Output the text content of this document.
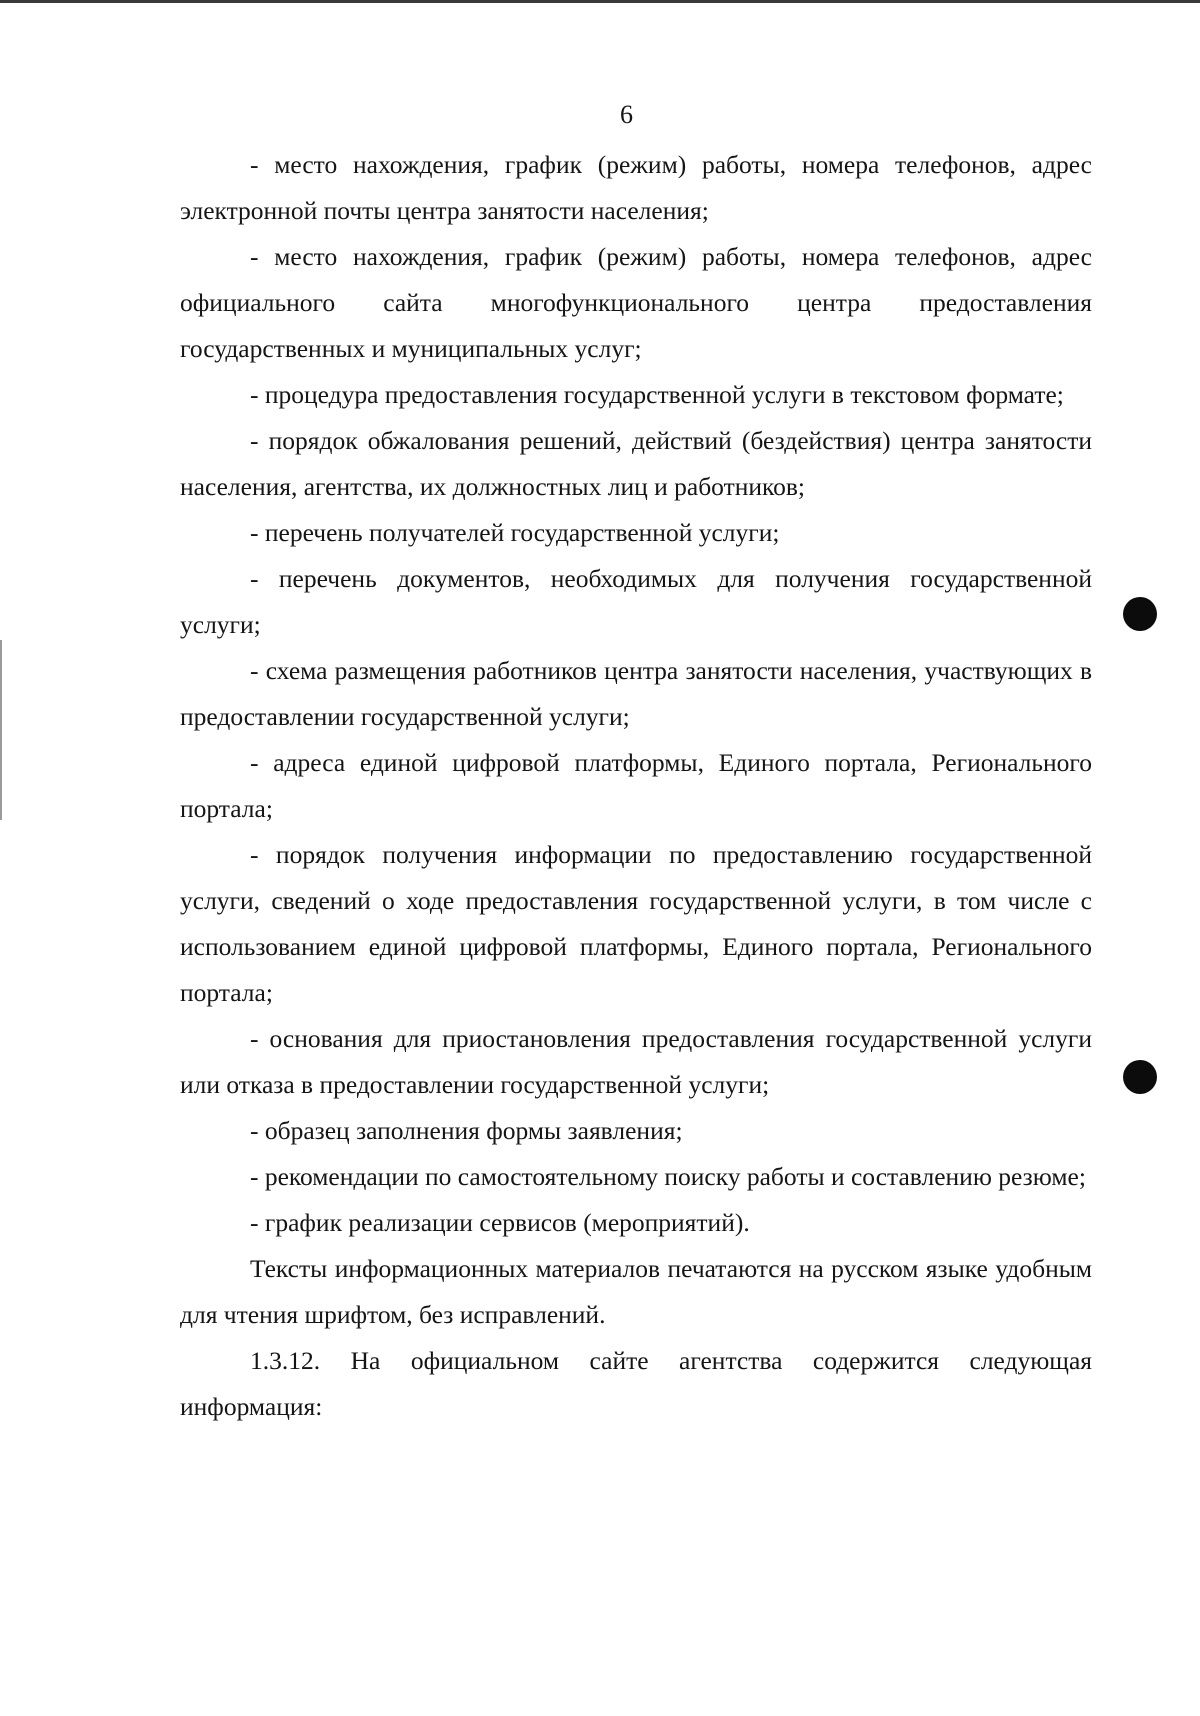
6

- место нахождения, график (режим) работы, номера телефонов, адрес электронной почты центра занятости населения;

- место нахождения, график (режим) работы, номера телефонов, адрес официального сайта многофункционального центра предоставления государственных и муниципальных услуг;

- процедура предоставления государственной услуги в текстовом формате;

- порядок обжалования решений, действий (бездействия) центра занятости населения, агентства, их должностных лиц и работников;

- перечень получателей государственной услуги;

- перечень документов, необходимых для получения государственной услуги;

- схема размещения работников центра занятости населения, участвующих в предоставлении государственной услуги;

- адреса единой цифровой платформы, Единого портала, Регионального портала;

- порядок получения информации по предоставлению государственной услуги, сведений о ходе предоставления государственной услуги, в том числе с использованием единой цифровой платформы, Единого портала, Регионального портала;

- основания для приостановления предоставления государственной услуги или отказа в предоставлении государственной услуги;

- образец заполнения формы заявления;

- рекомендации по самостоятельному поиску работы и составлению резюме;

- график реализации сервисов (мероприятий).

Тексты информационных материалов печатаются на русском языке удобным для чтения шрифтом, без исправлений.

1.3.12. На официальном сайте агентства содержится следующая информация:
